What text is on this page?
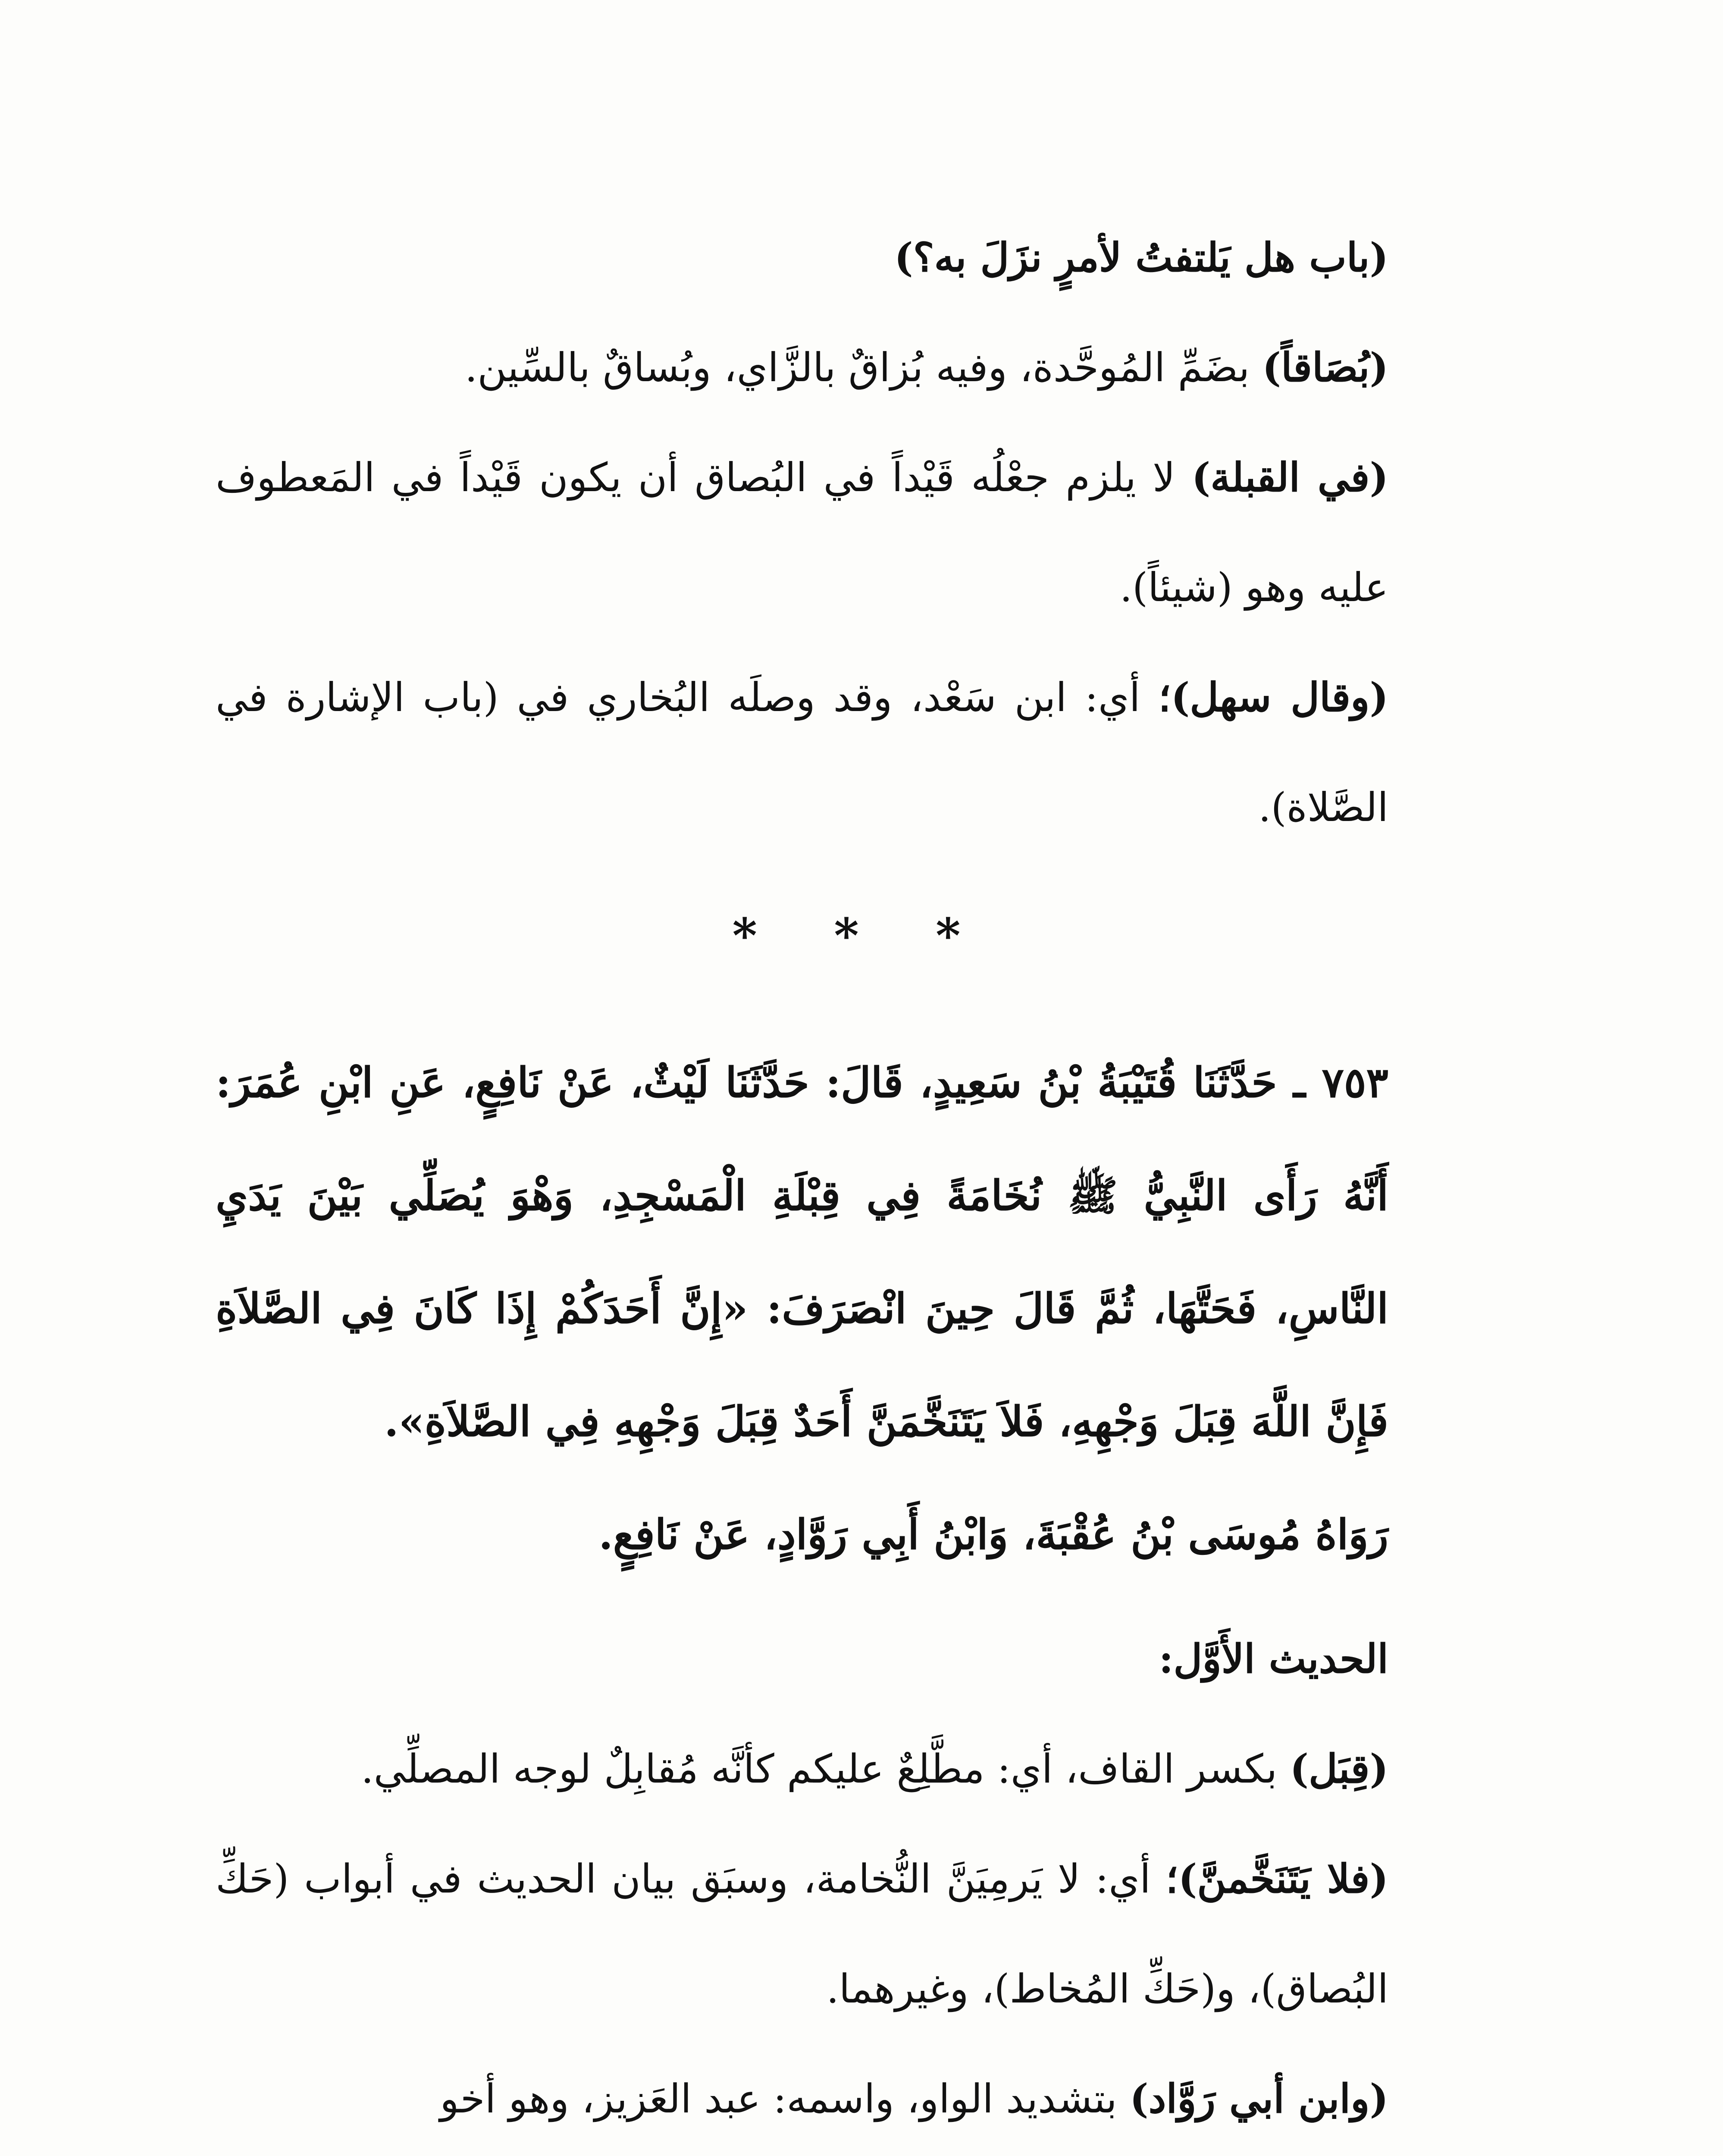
(باب هل يَلتفتُ لأمرٍ نزَلَ به؟)

(بُصَاقاً) بضَمِّ المُوحَّدة، وفيه بُزاقٌ بالزَّاي، وبُساقٌ بالسِّين.

(في القبلة) لا يلزم جعْلُه قَيْداً في البُصاق أن يكون قَيْداً في المَعطوف عليه وهو (شيئاً).

(وقال سهل)؛ أي: ابن سَعْد، وقد وصلَه البُخاري في (باب الإشارة في الصَّلاة).

* * *

٧٥٣ ـ حَدَّثَنَا قُتَيْبَةُ بْنُ سَعِيدٍ، قَالَ: حَدَّثَنَا لَيْثٌ، عَنْ نَافِعٍ، عَنِ ابْنِ عُمَرَ: أَنَّهُ رَأَى النَّبِيُّ ﷺ نُخَامَةً فِي قِبْلَةِ الْمَسْجِدِ، وَهْوَ يُصَلِّي بَيْنَ يَدَيِ النَّاسِ، فَحَتَّهَا، ثُمَّ قَالَ حِينَ انْصَرَفَ: «إِنَّ أَحَدَكُمْ إِذَا كَانَ فِي الصَّلاَةِ فَإِنَّ اللَّهَ قِبَلَ وَجْهِهِ، فَلاَ يَتَنَخَّمَنَّ أَحَدٌ قِبَلَ وَجْهِهِ فِي الصَّلاَةِ».

رَوَاهُ مُوسَى بْنُ عُقْبَةَ، وَابْنُ أَبِي رَوَّادٍ، عَنْ نَافِعٍ.

الحديث الأَوَّل:

(قِبَل) بكسر القاف، أي: مطَّلِعٌ عليكم كأنَّه مُقابِلٌ لوجه المصلِّي.

(فلا يَتَنَخَّمنَّ)؛ أي: لا يَرمِيَنَّ النُّخامة، وسبَق بيان الحديث في أبواب (حَكِّ البُصاق)، و(حَكِّ المُخاط)، وغيرهما.

(وابن أبي رَوَّاد) بتشديد الواو، واسمه: عبد العَزيز، وهو أخو
